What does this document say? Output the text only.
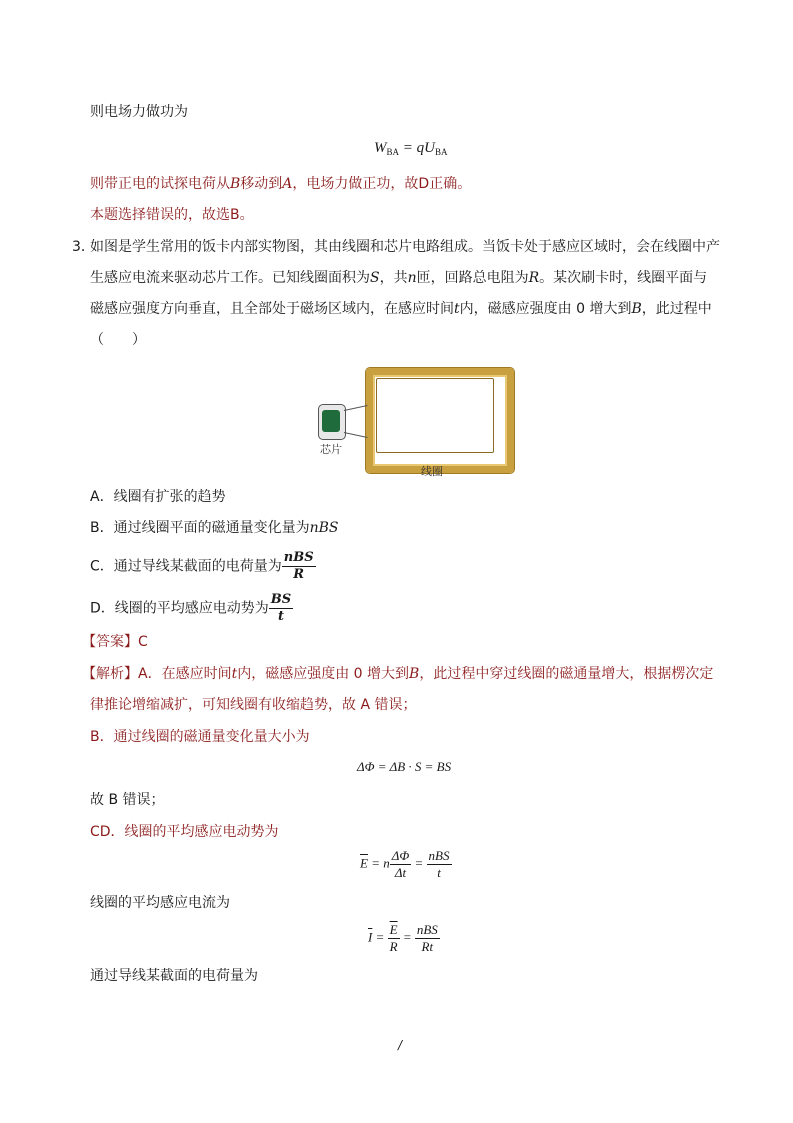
则电场力做功为
$W_{BA} = qU_{BA}$
则带正电的试探电荷从B移动到A，电场力做正功，故D正确。
本题选择错误的，故选B。
3．
如图是学生常用的饭卡内部实物图，其由线圈和芯片电路组成。当饭卡处于感应区域时，会在线圈中产
生感应电流来驱动芯片工作。已知线圈面积为S，共n匝，回路总电阻为R。某次刷卡时，线圈平面与
磁感应强度方向垂直，且全部处于磁场区域内，在感应时间t内，磁感应强度由 0 增大到B，此过程中
（　　）
芯片
线圈
A．线圈有扩张的趋势
B．通过线圈平面的磁通量变化量为nBS
C．通过导线某截面的电荷量为 $\frac{\text{nBS}}{R}$
D．线圈的平均感应电动势为 $\frac{BS}{t}$
【答案】C
【解析】A．在感应时间t内，磁感应强度由 0 增大到B，此过程中穿过线圈的磁通量增大，根据楞次定
律推论增缩减扩，可知线圈有收缩趋势，故 A 错误；
B．通过线圈的磁通量变化量大小为
ΔΦ = ΔB · S = BS
故 B 错误；
CD．线圈的平均感应电动势为
$\overline{E} = n \frac{\Delta\Phi}{\Delta t} = \frac{\text{nBS}}{t}$
线圈的平均感应电流为
$\overline{I} = \frac{\overline{E}}{R} = \frac{\text{nBS}}{Rt}$
通过导线某截面的电荷量为
/
